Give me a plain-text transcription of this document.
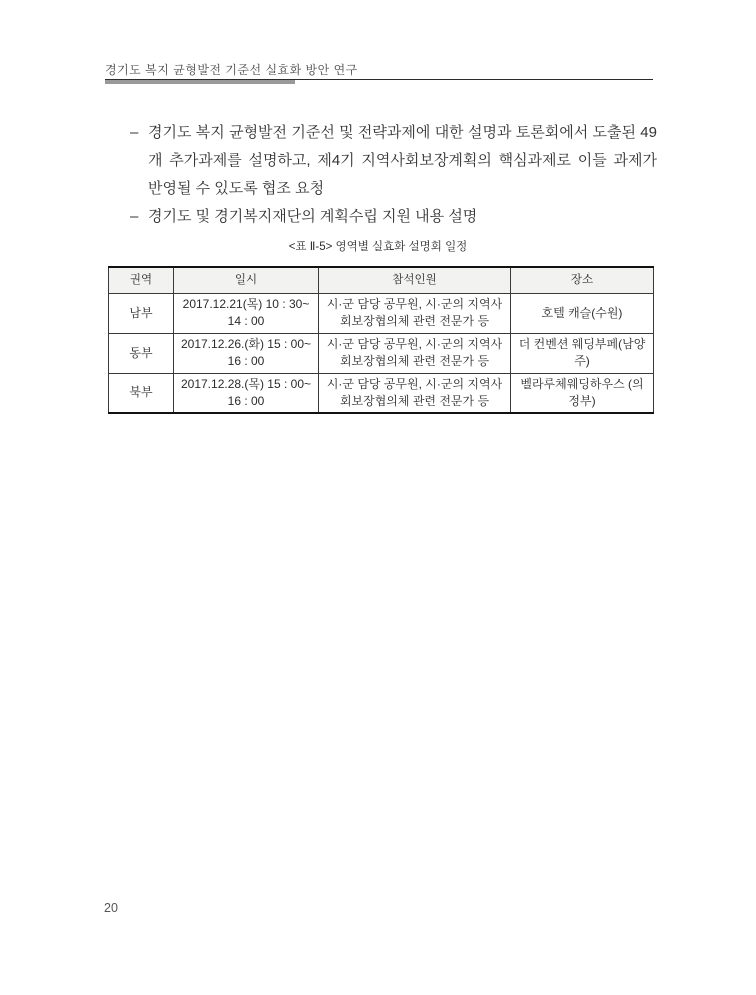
경기도 복지 균형발전 기준선 실효화 방안 연구
– 경기도 복지 균형발전 기준선 및 전략과제에 대한 설명과 토론회에서 도출된 49개 추가과제를 설명하고, 제4기 지역사회보장계획의 핵심과제로 이들 과제가 반영될 수 있도록 협조 요청
– 경기도 및 경기복지재단의 계획수립 지원 내용 설명
<표 Ⅱ-5> 영역별 실효화 설명회 일정
권역	일시	참석인원	장소
남부	2017.12.21(목) 10 : 30~ 14 : 00	시·군 담당 공무원, 시·군의 지역사회보장협의체 관련 전문가 등	호텔 캐슬(수원)
동부	2017.12.26.(화) 15 : 00~ 16 : 00	시·군 담당 공무원, 시·군의 지역사회보장협의체 관련 전문가 등	더 컨벤션 웨딩부페(남양주)
북부	2017.12.28.(목) 15 : 00~ 16 : 00	시·군 담당 공무원, 시·군의 지역사회보장협의체 관련 전문가 등	벨라루체웨딩하우스 (의정부)
20
